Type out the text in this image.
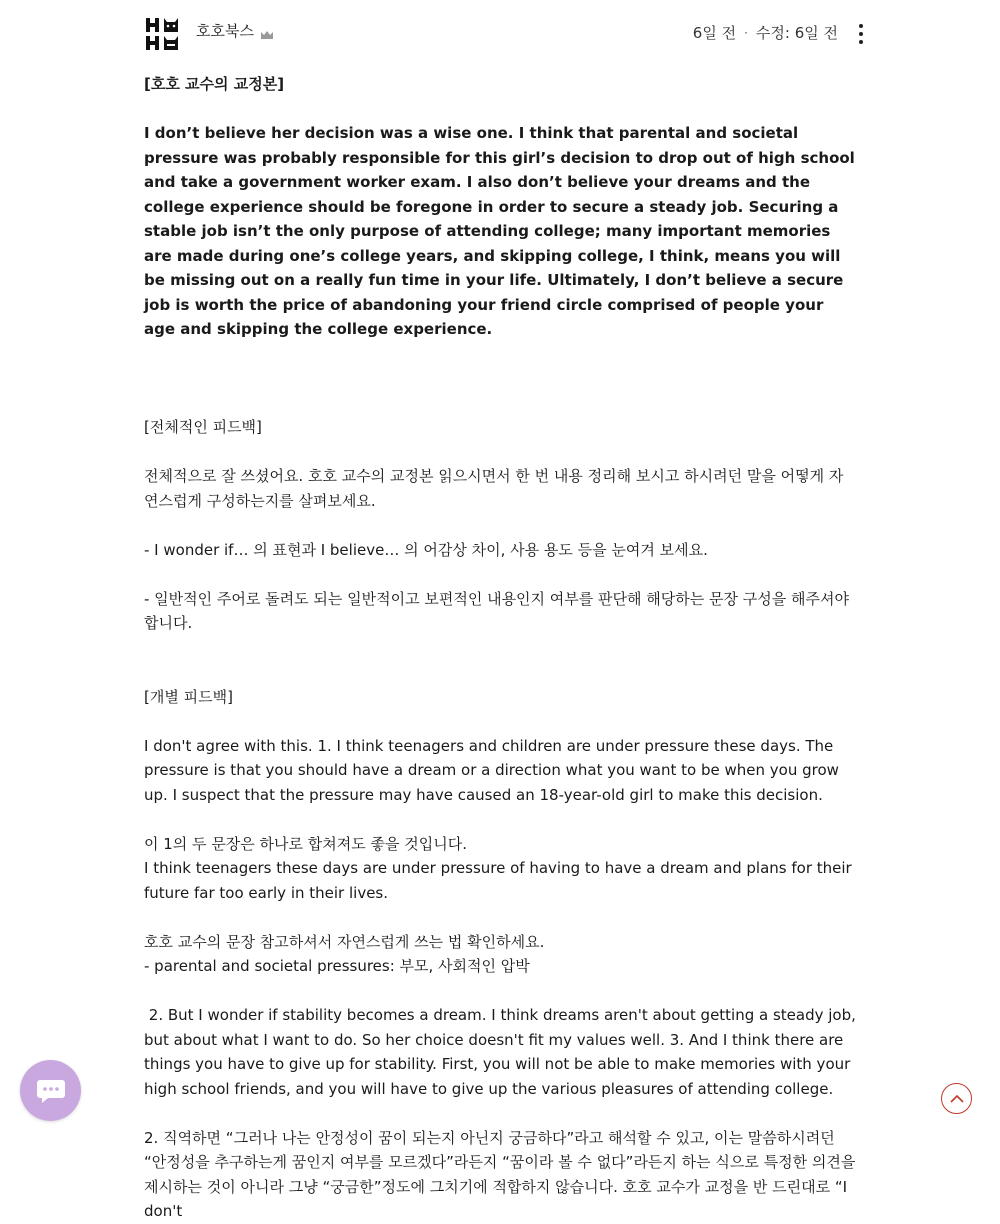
호호북스	6일 전 · 수정: 6일 전

[호호 교수의 교정본]

I don’t believe her decision was a wise one. I think that parental and societal pressure was probably responsible for this girl’s decision to drop out of high school and take a government worker exam. I also don’t believe your dreams and the college experience should be foregone in order to secure a steady job. Securing a stable job isn’t the only purpose of attending college; many important memories are made during one’s college years, and skipping college, I think, means you will be missing out on a really fun time in your life. Ultimately, I don’t believe a secure job is worth the price of abandoning your friend circle comprised of people your age and skipping the college experience.

[전체적인 피드백]

전체적으로 잘 쓰셨어요. 호호 교수의 교정본 읽으시면서 한 번 내용 정리해 보시고 하시려던 말을 어떻게 자연스럽게 구성하는지를 살펴보세요.

- I wonder if… 의 표현과 I believe… 의 어감상 차이, 사용 용도 등을 눈여겨 보세요.

- 일반적인 주어로 돌려도 되는 일반적이고 보편적인 내용인지 여부를 판단해 해당하는 문장 구성을 해주셔야 합니다.

[개별 피드백]

I don't agree with this. 1. I think teenagers and children are under pressure these days. The pressure is that you should have a dream or a direction what you want to be when you grow up. I suspect that the pressure may have caused an 18-year-old girl to make this decision.

이 1의 두 문장은 하나로 합쳐져도 좋을 것입니다.

I think teenagers these days are under pressure of having to have a dream and plans for their future far too early in their lives.

호호 교수의 문장 참고하셔서 자연스럽게 쓰는 법 확인하세요.

- parental and societal pressures: 부모, 사회적인 압박

2. But I wonder if stability becomes a dream. I think dreams aren't about getting a steady job, but about what I want to do. So her choice doesn't fit my values well. 3. And I think there are things you have to give up for stability. First, you will not be able to make memories with your high school friends, and you will have to give up the various pleasures of attending college.

2. 직역하면 “그러나 나는 안정성이 꿈이 되는지 아닌지 궁금하다”라고 해석할 수 있고, 이는 말씀하시려던 “안정성을 추구하는게 꿈인지 여부를 모르겠다”라든지 “꿈이라 볼 수 없다”라든지 하는 식으로 특정한 의견을 제시하는 것이 아니라 그냥 “궁금한”정도에 그치기에 적합하지 않습니다. 호호 교수가 교정을 반 드린대로 “I don't
